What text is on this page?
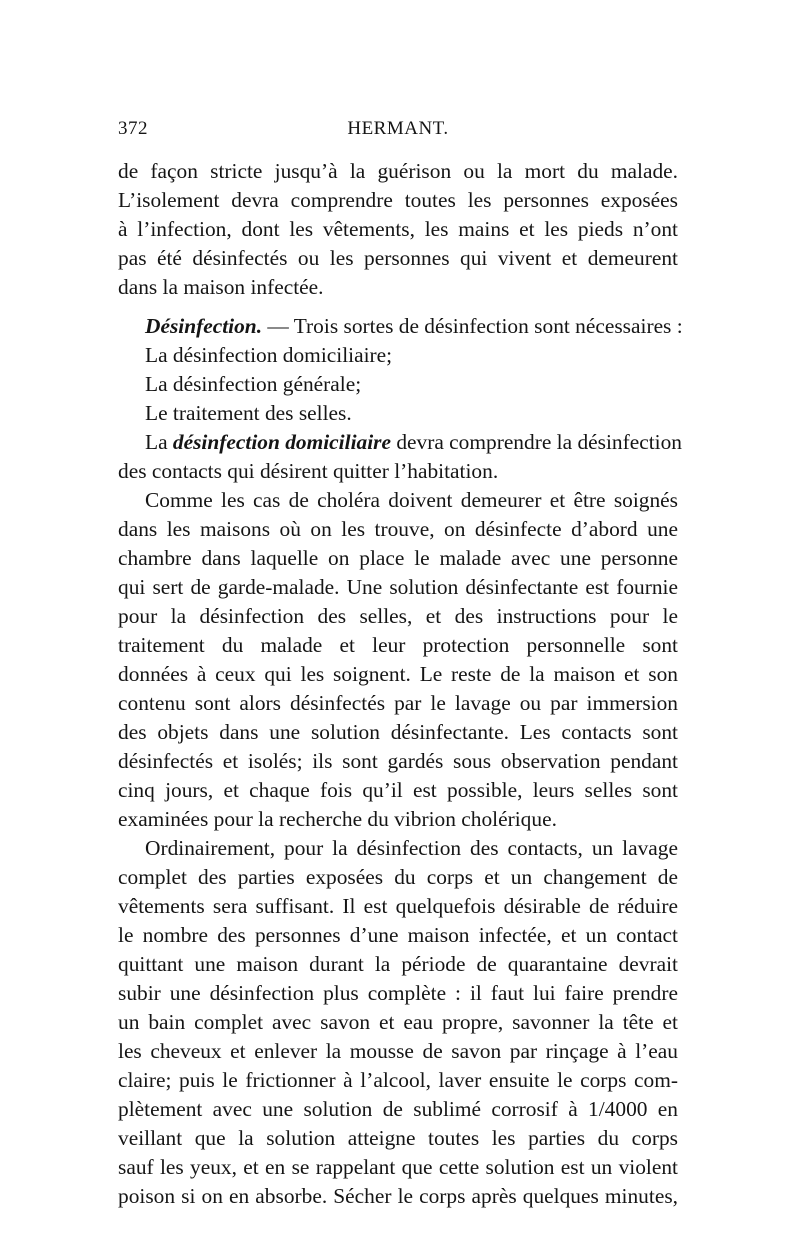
372	HERMANT.
de façon stricte jusqu’à la guérison ou la mort du malade.
L’isolement devra comprendre toutes les personnes exposées
à l’infection, dont les vêtements, les mains et les pieds n’ont
pas été désinfectés ou les personnes qui vivent et demeurent
dans la maison infectée.
Désinfection. — Trois sortes de désinfection sont nécessaires :
La désinfection domiciliaire;
La désinfection générale;
Le traitement des selles.
La désinfection domiciliaire devra comprendre la désinfection
des contacts qui désirent quitter l’habitation.
Comme les cas de choléra doivent demeurer et être soignés
dans les maisons où on les trouve, on désinfecte d’abord une
chambre dans laquelle on place le malade avec une personne
qui sert de garde-malade. Une solution désinfectante est fournie
pour la désinfection des selles, et des instructions pour le
traitement du malade et leur protection personnelle sont
données à ceux qui les soignent. Le reste de la maison et son
contenu sont alors désinfectés par le lavage ou par immersion
des objets dans une solution désinfectante. Les contacts sont
désinfectés et isolés; ils sont gardés sous observation pendant
cinq jours, et chaque fois qu’il est possible, leurs selles sont
examinées pour la recherche du vibrion cholérique.
Ordinairement, pour la désinfection des contacts, un lavage
complet des parties exposées du corps et un changement de
vêtements sera suffisant. Il est quelquefois désirable de réduire
le nombre des personnes d’une maison infectée, et un contact
quittant une maison durant la période de quarantaine devrait
subir une désinfection plus complète : il faut lui faire prendre
un bain complet avec savon et eau propre, savonner la tête et
les cheveux et enlever la mousse de savon par rinçage à l’eau
claire; puis le frictionner à l’alcool, laver ensuite le corps com-
plètement avec une solution de sublimé corrosif à 1/4000 en
veillant que la solution atteigne toutes les parties du corps
sauf les yeux, et en se rappelant que cette solution est un violent
poison si on en absorbe. Sécher le corps après quelques minutes,
